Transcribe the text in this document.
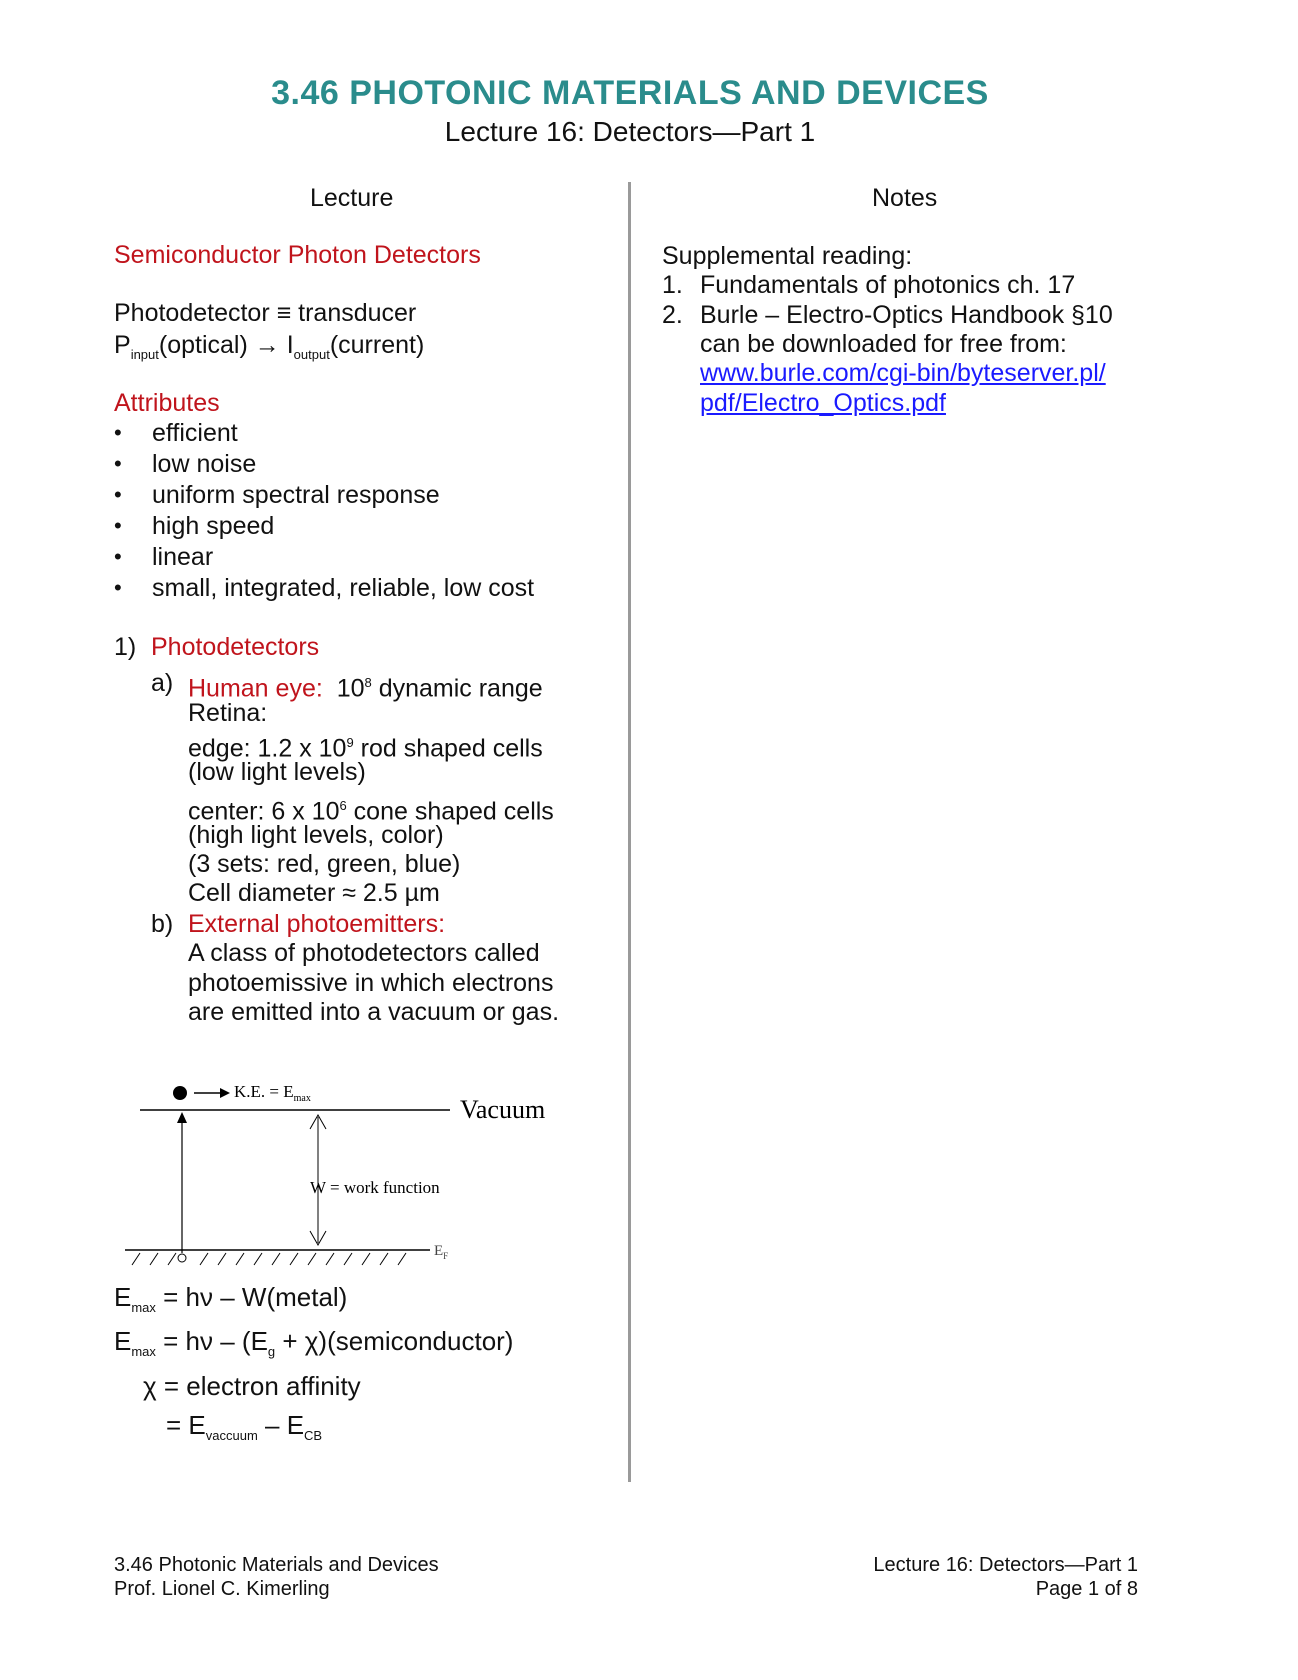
3.46 PHOTONIC MATERIALS AND DEVICES
Lecture 16: Detectors—Part 1
Lecture	Notes
Semiconductor Photon Detectors
Photodetector ≡ transducer
$P_{input}(optical)$ → $I_{output}(current)$
Attributes
• efficient
• low noise
• uniform spectral response
• high speed
• linear
• small, integrated, reliable, low cost
1) Photodetectors
a) Human eye: $10^8$ dynamic range
Retina:
edge: 1.2 x $10^9$ rod shaped cells
(low light levels)
center: 6 x $10^6$ cone shaped cells
(high light levels, color)
(3 sets: red, green, blue)
Cell diameter ≈ 2.5 µm
b) External photoemitters:
A class of photodetectors called
photoemissive in which electrons
are emitted into a vacuum or gas.
K.E. = $E_{max}$	Vacuum
W = work function
$E_F$
$E_{max} = h\nu$ – W(metal)
$E_{max} = h\nu - (E_g$ + χ)(semiconductor)
χ = electron affinity
= $E_{vaccuum} - E_{CB}$
Supplemental reading:
1. Fundamentals of photonics ch. 17
2. Burle – Electro-Optics Handbook §10
can be downloaded for free from:
www.burle.com/cgi-bin/byteserver.pl/
pdf/Electro_Optics.pdf
3.46 Photonic Materials and Devices
Prof. Lionel C. Kimerling
Lecture 16: Detectors—Part 1
Page 1 of 8
